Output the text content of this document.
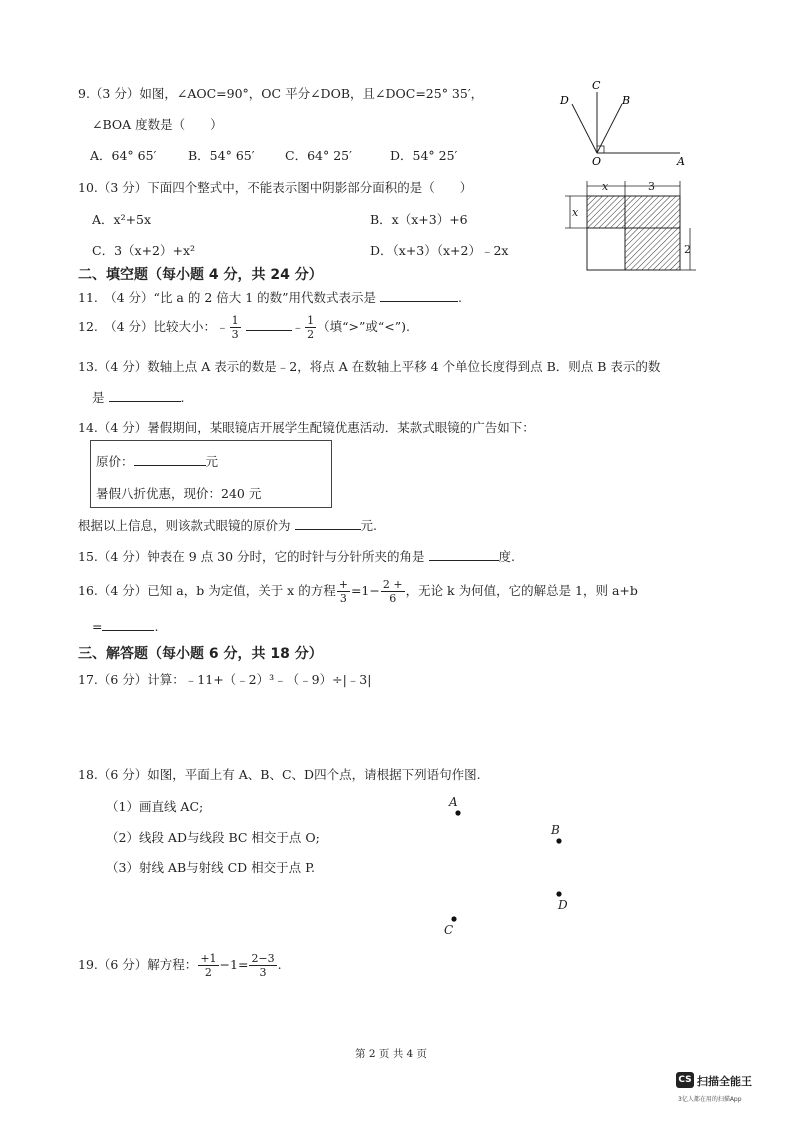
9.（3 分）如图，∠AOC=90°，OC 平分∠DOB，且∠DOC=25° 35′，
∠BOA 度数是（　　）
A．64° 65′	B．54° 65′ C．64° 25′	D．54° 25′
C
D	B
O	A
10.（3 分）下面四个整式中，不能表示图中阴影部分面积的是（　　）
A．x²+5x	B．x（x+3）+6
C．3（x+2）+x²	D．（x+3）（x+2）﹣2x
x	3
x
2
二、填空题（每小题 4 分，共 24 分）
11.　（4 分）“比 a 的 2 倍大 1 的数”用代数式表示是	.
12.　（4 分）比较大小：﹣ $\frac{1}{3}$	﹣ $\frac{1}{2}$ （填“>”或“<”).
13.（4 分）数轴上点 A 表示的数是﹣2，将点 A 在数轴上平移 4 个单位长度得到点 B．则点 B 表示的数
是	.
14.（4 分）暑假期间，某眼镜店开展学生配镜优惠活动．某款式眼镜的广告如下：
原价：	元
暑假八折优惠，现价：240 元
根据以上信息，则该款式眼镜的原价为	元.
15.（4 分）钟表在 9 点 30 分时，它的时针与分针所夹的角是	度.
16.（4 分）已知 a，b 为定值，关于 x 的方程 $\frac{+}{3} =1- \frac{2 +}{6}$ ，无论 k 为何值，它的解总是 1，则 a+b
=	.
三、解答题（每小题 6 分，共 18 分）
17.（6 分）计算：﹣11+（﹣2）³﹣（﹣9）÷|﹣3|
18.（6 分）如图，平面上有 A、B、C、D四个点，请根据下列语句作图.
（1）画直线 AC;
（2）线段 AD与线段 BC 相交于点 O;
（3）射线 AB与射线 CD 相交于点 P.
A
B
C
D
19.（6 分）解方程： $\frac{+1}{2} -1= \frac{2-3}{3}$ .
第 2 页 共 4 页
CS 扫描全能王
3亿人都在用的扫描App
